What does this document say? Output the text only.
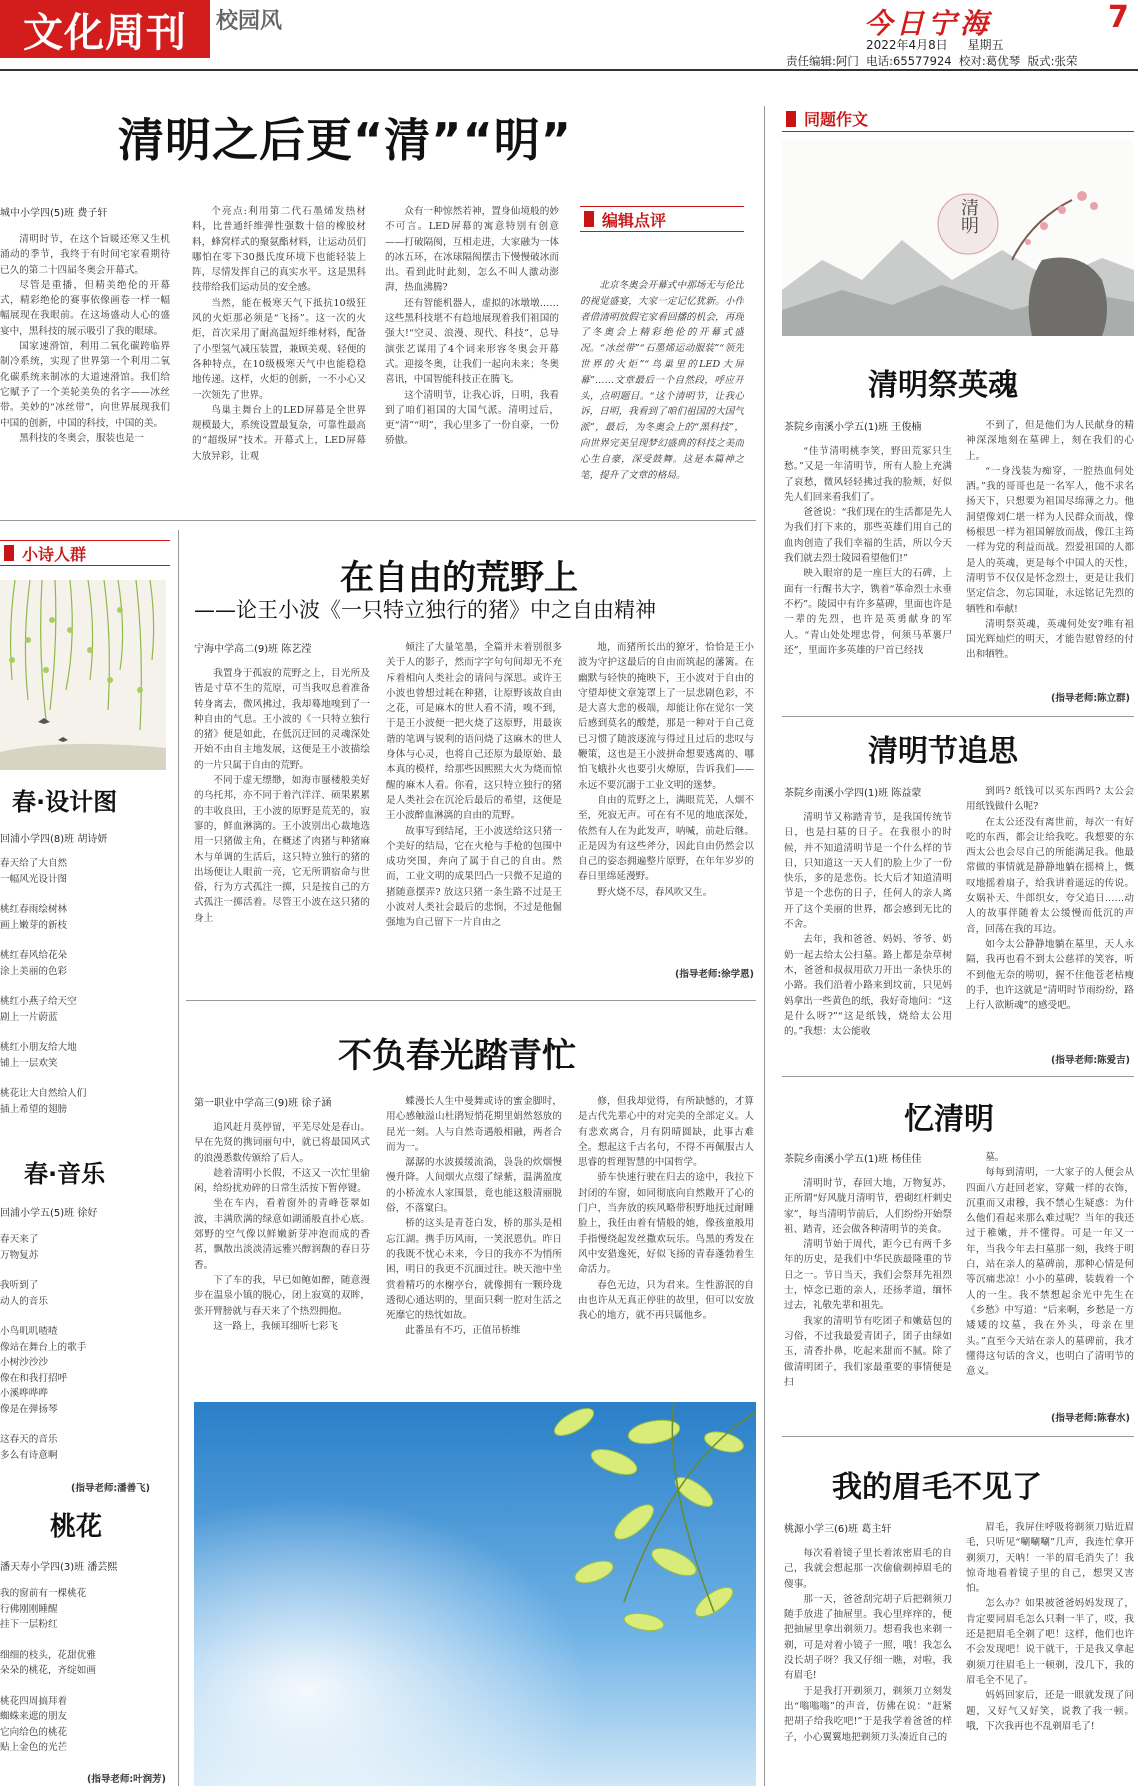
文化周刊 校园风	今日宁海	7
2022年4月8日 星期五
责任编辑:阿门  电话:65577924  校对:葛优琴  版式:张荣
清明之后更“清”“明”
城中小学四(5)班 费子轩

清明时节，在这个旨暖还寒又生机涌动的季节，我终于有时间宅家看期待已久的第二十四届冬奥会开幕式。

尽管是重播，但精美绝伦的开幕式，精彩绝伦的赛事依像画卷一样一幅幅展现在我眼前。在这场盛动人心的盛宴中，黑科技的展示吸引了我的眼球。

国家速滑馆，利用二氧化碳跨临界制冷系统，实现了世界第一个利用二氧化碳系统来制冰的大道速滑馆。我们给它赋予了一个美轮美奂的名字——冰丝带。美妙的“冰丝带”，向世界展现我们中国的创新，中国的科技，中国的美。

黑科技的冬奥会，服装也是一

个亮点:利用第二代石墨烯发热材料，比普通纤维弹性强数十倍的橡胶材料，蜂窝样式的聚氨酯材料，让运动员们哪怕在零下30摄氏度环境下也能轻装上阵，尽情发挥自己的真实水平。这是黑科技带给我们运动员的安全感。

当然，能在极寒天气下抵抗10级狂风的火炬那必须是“飞扬”。这一次的火炬，首次采用了耐高温短纤维材料，配备了小型氢气减压装置，兼顾美观、轻便的各种特点，在10级极寒天气中也能稳稳地传递。这样，火炬的创新，一不小心又一次领先了世界。

鸟巢主舞台上的LED屏幕是全世界规模最大，系统设置最复杂，可靠性最高的“超级屏”技术。开幕式上，LED屏幕大放异彩，让观

众有一种惊然若神，置身仙境般的妙不可言。LED屏幕的寓意特别有创意——打破隔阂，互相走进，大家融为一体的冰五环，在冰球隔阂摆击下慢慢破冰而出。看到此时此刻，怎么不叫人激动澎湃，热血沸腾?

还有智能机器人，虚拟的冰墩墩……这些黑科技堪不有趋地展现着我们祖国的强大!“空灵、浪漫、现代、科技”，总导演张艺谋用了4个词来形容冬奥会开幕式。迎接冬奥，让我们一起向未来；冬奥喜讯，中国智能科技正在腾飞。

这个清明节，让我心诉，日明，我看到了咱们祖国的大国气派。清明过后，更“清”“明”，我心里多了一份自豪，一份骄傲。

编辑点评

北京冬奥会开幕式中那场无与伦比的视觉盛宴，大家一定记忆犹新。小作者借清明放假宅家看回播的机会，再现了冬奥会上精彩绝伦的开幕式盛况。“冰丝带”“石墨烯运动服装”“领先世界的火炬”“鸟巢里的LED大屏幕”……文章最后一个自然段，呼应开头，点明题目。“这个清明节，让我心诉，日明，我看到了咱们祖国的大国气派”，最后，为冬奥会上的“黑科技”，向世界完美呈现梦幻盛典的科技之美而心生自豪，深受鼓舞。这是本篇神之笔，提升了文章的格局。

小诗人群
春·设计图
回浦小学四(8)班 胡诗妍
春天给了大自然
一幅风光设计图
桃红春雨绘树林
画上嫩芽的新枝
桃红春风给花朵
涂上美丽的色彩
桃红小燕子给天空
剧上一片蔚蓝
桃红小朋友给大地
铺上一层欢笑
桃花让大自然给人们
插上希望的翅膀
春·音乐
回浦小学五(5)班 徐好
春天来了
万物复苏
我听到了
动人的音乐
小鸟叽叽喳喳
像站在舞台上的歌手
小树沙沙沙
像在和我打招呼
小溪哗哗哗
像是在弹扬琴
这春天的音乐
多么有诗意啊
(指导老师:潘善飞)
桃花
潘天寿小学四(3)班 潘芸熙
我的窗前有一棵桃花
行佛刚刚睡醒
挂下一层粉红
细细的枝头，花甜优雅
朵朵的桃花，齐绽如画
桃花四周搞拜着
蜘蛛来遮的朋友
它向给色的桃花
贴上金色的光芒
(指导老师:叶润芳)
在自由的荒野上
——论王小波《一只特立独行的猪》中之自由精神
宁海中学高二(9)班 陈艺滢

我置身于孤寂的荒野之上，目光所及皆是寸草不生的荒原，可当我叹息着准备转身离去，微风拂过，我却蓦地嗅到了一种自由的气息。王小波的《一只特立独行的猪》便是如此，在低沉迂回的灵魂深处开始不由自主地发展，这便是王小波描绘的一片只属于自由的荒野。

不同于虚无缥缈，如海市蜃楼般美好的乌托邦，亦不同于着汽洋洋、硕果累累的丰收良田，王小波的原野是荒芜的，寂寥的，鲜血淋漓的。王小波别出心裁地选用一只猪做主角，在概述了肉猪与种猪麻木与单调的生活后，这只特立独行的猪的出场便让人眼前一亮，它无所谓宿命与世俗，行为方式孤注一掷，只是按自己的方式孤注一掷活着。尽管王小波在这只猪的身上

倾注了大量笔墨，全篇并未着别很多关于人的影子，然而字字句句间却无不充斥着相向人类社会的请问与深思。或许王小波也曾想过耗在种猪，让原野该故自由之花，可是麻木的世人看不清，嗅不到，于是王小波便一把火烧了这原野，用最诙谐的笔调与锐利的语问烧了这麻木的世人身体与心灵，也将自己还原为最原始、最本真的模样，给那些因熙熙大火为烧而惊醒的麻木人看。你看，这只特立独行的猪是人类社会在沉沦后最后的希望，这便是王小波醉血淋漓的自由的荒野。

故事写到结尾，王小波送给这只猪一个美好的结局，它在火枪与手枪的包围中成功突围，奔向了属于自己的自由。然而，工业文明的成果凹凸一只微不足道的猪随意摆弄? 放这只猪一条生路不过是王小波对人类社会最后的悲悯，不过是他倔强地为自己留下一片自由之

地，而猪所长出的獠牙，恰恰是王小波为守护这最后的自由而筑起的藩篱。在幽默与轻快的掩映下，王小波对于自由的守望却使文章笼罩上了一层悲剧色彩，不是大喜大悲的极端，却能让你在觉尔一笑后感到莫名的酸楚，那是一种对于自己竟已习惯了随波逐流与得过且过后的悲叹与鞭策，这也是王小波拼命想要逃离的、哪怕飞蛾扑火也要引火燎原，告诉我们——永远不要沉溺于工业文明的迷梦。

自由的荒野之上，满眼荒芜，人烟不至，死寂无声。可在有不见的地底深处，依然有人在为此发声，呐喊，前赴后继。正是因为有这些斧分，因此自由仍然会以自己的姿态拥遍整片原野，在年年岁岁的春日里绵延漫野。

野火烧不尽，春风吹又生。

(指导老师:徐学恩)
不负春光踏青忙
第一职业中学高三(9)班 徐子涵

追风赶月莫停留，平芜尽处是春山。早在先贤的携词丽句中，就已将最国风式的浪漫悉数传颁给了后人。

趁着清明小长假，不这又一次忙里偷闲，给纷扰劝碎的日常生活按下暂停键。

坐在车内，看着窗外的青峰苍翠如波，丰满欣满的绿意如湖涌般直扑心底。郊野的空气像以鲜嫩新芽冲泡而成的香茗，飘散出淡淡清远雅兴醇润馥的春日芬香。

下了车的我，早已如鲍如醉，随意漫步在温泉小镇的脱心，闭上寂寞的双眸，张开臂膀就与春天来了个热烈拥抱。

这一路上，我倾耳细听七彩飞

蝶漫长人生中曼舞或诗的蜜金脚时，用心感触溢山杜鹃短悄花期里娟然怒放的昆光一刻。人与自然奇遇般相融，两者合而为一。

潺潺的水波援缓流淌，袅袅的炊烟慢慢升降。人间烟火点缀了绿紫，温满盈度的小桥流水人家围景，竟也能这般清丽脱俗，不落窠臼。

桥的这头是青苍白发，桥的那头是相忘江湖。携手历风雨，一笑泯恩仇。昨日的我既不忧心未来，今日的我亦不为悄所困，明日的我更不沉湎过往。映天池中坐赏着精巧的水榭亭台，就像拥有一颗玲珑透彻心通达明的，里面只剩一腔对生活之死靡它的热忱如故。

此番虽有不巧，正值吊桥维

修，但我却觉得，有所缺憾的，才算是古代先辈心中的对完美的全部定义。人有悲欢离合，月有阴晴圆缺，此事古难全。想起这千古名句，不得不再佩服古人思睿的哲理智慧的中国哲学。

骄车快速行驶在归去的途中，我拉下封闭的车窗，如同彻底向自然敞开了心的门户，当奔放的疾风略带积野地抚过耐睡脸上，我任由着有情般的她，像孩童般用手指慢绕起发丝撒欢玩乐。鸟黑的秀发在风中安猎逸死，好似飞扬的青春蓬勃着生命活力。

春色无边，只为君来。生性游泯的自由也许从无真正停驻的故里，但可以安放我心的地方，就不再只属他乡。

同题作文
清明
清明祭英魂
茶院乡南溪小学五(1)班 王俊楠

“佳节清明桃李笑，野田荒冢只生愁。”又是一年清明节，所有人脸上充满了哀愁，微风轻轻拂过我的脸颊，好似先人们回来看我们了。

爸爸说：“我们现在的生活都是先人为我们打下来的，那些英雄们用自己的血肉创造了我们幸福的生活，所以今天我们就去烈士陵园看望他们!”

映入眼帘的是一座巨大的石碑，上面有一行醒书大字，镌着“革命烈士永垂不朽”。陵园中有许多墓碑，里面也许是一辈的先烈，也许是英勇献身的军人。“青山处处埋忠骨，何须马革裹尸还”，里面许多英雄的尸首已经找

不到了，但是他们为人民献身的精神深深地刻在墓碑上，刻在我们的心上。

“一身浅装为痴穿，一腔热血何处洒。”我的哥哥也是一名军人，他不求名扬天下，只想要为祖国尽绵薄之力。他洞望像刘仁堪一样为人民群众而战，像杨根思一样为祖国解放而战，像江主筠一样为党的利益而战。烈爱祖国的人都是人的英魂，更是每个中国人的天性，清明节不仅仅是怀念烈士，更是让我们坚定信念，勿忘国耻，永远铭记先烈的牺牲和奉献!

清明祭英魂，英魂何处安?唯有祖国光辉灿烂的明天，才能告慰曾经的付出和牺牲。

(指导老师:陈立群)
清明节追思
茶院乡南溪小学四(1)班 陈益蒙

清明节又称踏青节，是我国传统节日，也是扫墓的日子。在我很小的时候，并不知道清明节是一个什么样的节日，只知道这一天人们的脸上少了一份快乐，多的是悲伤。长大后才知道清明节是一个悲伤的日子，任何人的亲人离开了这个美丽的世界，都会感到无比的不舍。

去年，我和爸爸、妈妈、爷爷、奶奶一起去给太公扫墓。路上都是杂草树木，爸爸和叔叔用砍刀开出一条快乐的小路。我们沿着小路来到坟前，只见妈妈拿出一些黄色的纸，我好奇地问：“这是什么呀?”“这是纸钱，烧给太公用的。”我想：太公能收

到吗? 纸钱可以买东西吗? 太公会用纸钱做什么呢?

在太公还没有离世前，每次一有好吃的东西，都会让给我吃。我想要的东西太公也会尽自己的所能满足我。他最常做的事情就是静静地躺在摇椅上，慨叹地摇着扇子，给我讲着遥远的传说。女娲补天、牛郎织女，夸父追日……动人的故事伴随着太公缓慢而低沉的声音，回荡在我的耳边。

如今太公静静地躺在墓里，天人永隔，我再也看不到太公慈祥的笑容，听不到他无奈的唠叨，握不住他苍老枯瘦的手，也许这就是“清明时节雨纷纷，路上行人欲断魂”的感受吧。

(指导老师:陈爱吉)
忆清明
茶院乡南溪小学五(1)班 杨佳佳

清明时节，春回大地，万物复苏，正所谓“好风胧月清明节，碧砌红杆刺史家”，每当清明节前后，人们纷纷开始祭祖、踏青，还会做各种清明节的美食。

清明节始于周代，距今已有两千多年的历史，是我们中华民族最隆重的节日之一。节日当天，我们会祭拜先祖烈士，悼念已逝的亲人，还扬孝道，缅怀过去，礼敬先辈和祖先。

我家的清明节有吃团子和嫩菇包的习俗，不过我最爱青团子，团子由绿如玉，清香扑鼻，吃起来甜而不腻。除了做清明团子，我们家最重要的事情便是扫

墓。

每每到清明，一大家子的人便会从四面八方赶回老家，穿戴一样的衣饰，沉重而又肃穆，我不禁心生疑惑：为什么他们看起来那么难过呢？当年的我还过于稚嫩，并不懂得。可是一年又一年，当我今年去扫墓那一刻，我终于明白，站在亲人的墓碑前，那种心情是何等沉痛悲凉！小小的墓碑，装载着一个人的一生。我不禁想起余光中先生在《乡愁》中写道：“后来啊，乡愁是一方矮矮的坟墓，我在外头，母亲在里头。”直至今天站在亲人的墓碑前，我才懂得这句话的含义，也明白了清明节的意义。

(指导老师:陈春水)
我的眉毛不见了
桃源小学三(6)班 葛主轩

每次看着镜子里长着浓密眉毛的自己，我就会想起那一次偷偷剃掉眉毛的傻事。

那一天，爸爸刮完胡子后把剃须刀随手放进了抽屉里。我心里痒痒的，便把抽屉里拿出剃须刀。想看我也来剃一剃，可是对着小镜子一照，哦！我怎么没长胡子呀？我又仔细一瞧，对啦，我有眉毛!

于是我打开剃须刀，剃须刀立刻发出“嗡嗡嗡”的声音，仿佛在说：“赶紧把胡子给我吃吧!”于是我学着爸爸的样子，小心翼翼地把剃须刀头凑近自己的

眉毛，我屏住呼吸将剃须刀贴近眉毛，只听见“唰唰唰”几声，我连忙拿开剃须刀，天呐！一半的眉毛消失了！我惊奇地看着镜子里的自己，想哭又害怕。

怎么办？如果被爸爸妈妈发现了，肯定要同眉毛怎么只剩一半了，哎，我还是把眉毛全剃了吧！这样，他们也许不会发现吧！说干就干，于是我又拿起剃须刀往眉毛上一顿剃，没几下，我的眉毛全不见了。

妈妈回家后，还是一眼就发现了问题，又好气又好笑，说教了我一顿。哦，下次我再也不乱剃眉毛了!
